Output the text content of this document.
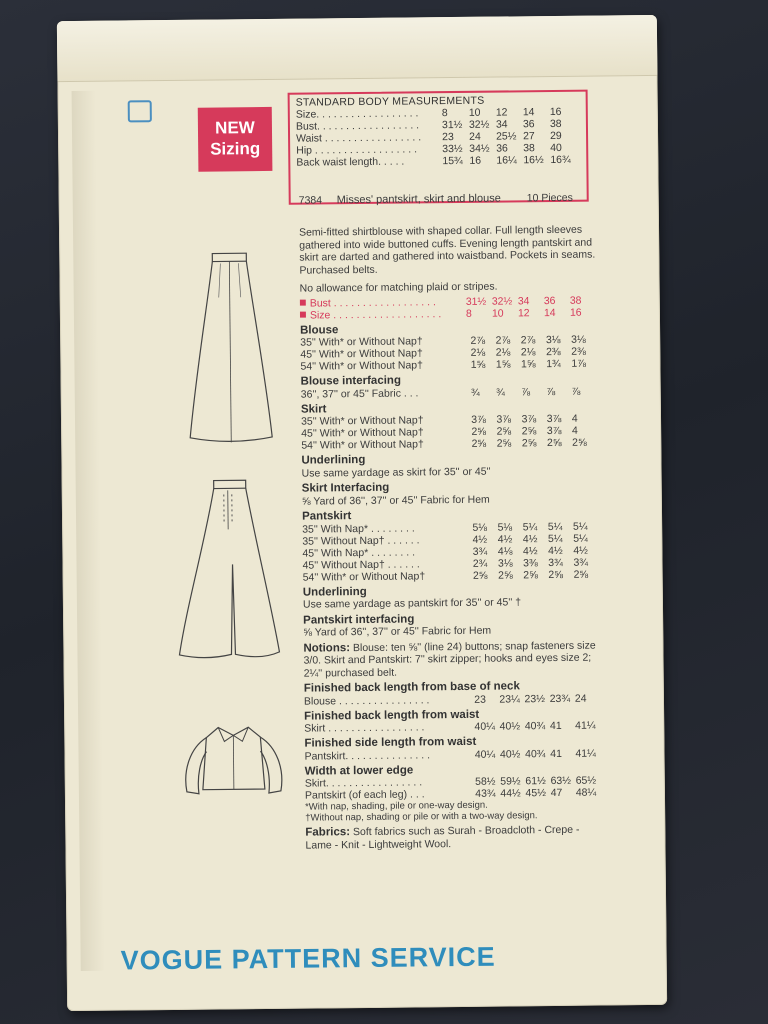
NEW
Sizing
STANDARD BODY MEASUREMENTS
Size. . . . . . . . . . . . . . . . . .	8	10	12	14	16
Bust. . . . . . . . . . . . . . . . . .	31½ 32½ 34	36	38
Waist . . . . . . . . . . . . . . . . .	23	24	25½ 27	29
Hip . . . . . . . . . . . . . . . . . .	33½ 34½ 36	38	40
Back waist length. . . . .	15¾ 16	16¼ 16½ 16¾
7384	Misses' pantskirt, skirt and blouse	10 Pieces
Semi-fitted shirtblouse with shaped collar. Full length sleeves gathered into wide buttoned cuffs. Evening length pantskirt and skirt are darted and gathered into waistband. Pockets in seams. Purchased belts.
No allowance for matching plaid or stripes.
Bust . . . . . . . . . . . . . . . . . .	31½ 32½ 34	36	38
Size . . . . . . . . . . . . . . . . . . .	8	10	12	14	16
Blouse
35'' With* or Without Nap†	2⅞ 2⅞ 2⅞ 3⅛ 3⅛
45'' With* or Without Nap†	2⅛ 2⅛ 2⅛ 2⅜ 2⅜
54'' With* or Without Nap†	1⅝ 1⅝ 1⅝ 1¾ 1⅞
Blouse interfacing
36'', 37'' or 45'' Fabric . . .	¾	¾	⅞	⅞	⅞
Skirt
35'' With* or Without Nap†	3⅞ 3⅞ 3⅞ 3⅞ 4
45'' With* or Without Nap†	2⅝ 2⅝ 2⅝ 3⅞ 4
54'' With* or Without Nap†	2⅝ 2⅝ 2⅝ 2⅝ 2⅝
Underlining
Use same yardage as skirt for 35'' or 45''
Skirt Interfacing
⅝ Yard of 36'', 37'' or 45'' Fabric for Hem
Pantskirt
35'' With Nap* . . . . . . . .	5⅛ 5⅛ 5¼ 5¼ 5¼
35'' Without Nap† . . . . . .	4½ 4½ 4½ 5¼ 5¼
45'' With Nap* . . . . . . . .	3¾ 4⅛ 4½ 4½ 4½
45'' Without Nap† . . . . . .	2¾ 3⅛ 3⅜ 3¾ 3¾
54'' With* or Without Nap†	2⅝ 2⅝ 2⅝ 2⅝ 2⅝
Underlining
Use same yardage as pantskirt for 35'' or 45'' †
Pantskirt interfacing
⅝ Yard of 36'', 37'' or 45'' Fabric for Hem
Notions: Blouse: ten ⅝'' (line 24) buttons; snap fasteners size 3/0. Skirt and Pantskirt: 7'' skirt zipper; hooks and eyes size 2; 2¼'' purchased belt.
Finished back length from base of neck
Blouse . . . . . . . . . . . . . . . .	23	23¼ 23½ 23¾ 24
Finished back length from waist
Skirt . . . . . . . . . . . . . . . . .	40¼ 40½ 40¾ 41	41¼
Finished side length from waist
Pantskirt. . . . . . . . . . . . . . .	40¼ 40½ 40¾ 41	41¼
Width at lower edge
Skirt. . . . . . . . . . . . . . . . .	58½ 59½ 61½ 63½ 65½
Pantskirt (of each leg) . . .	43¾ 44½ 45½ 47	48¼
*With nap, shading, pile or one-way design.
†Without nap, shading or pile or with a two-way design.
Fabrics: Soft fabrics such as Surah - Broadcloth - Crepe - Lame - Knit - Lightweight Wool.
VOGUE PATTERN SERVICE
